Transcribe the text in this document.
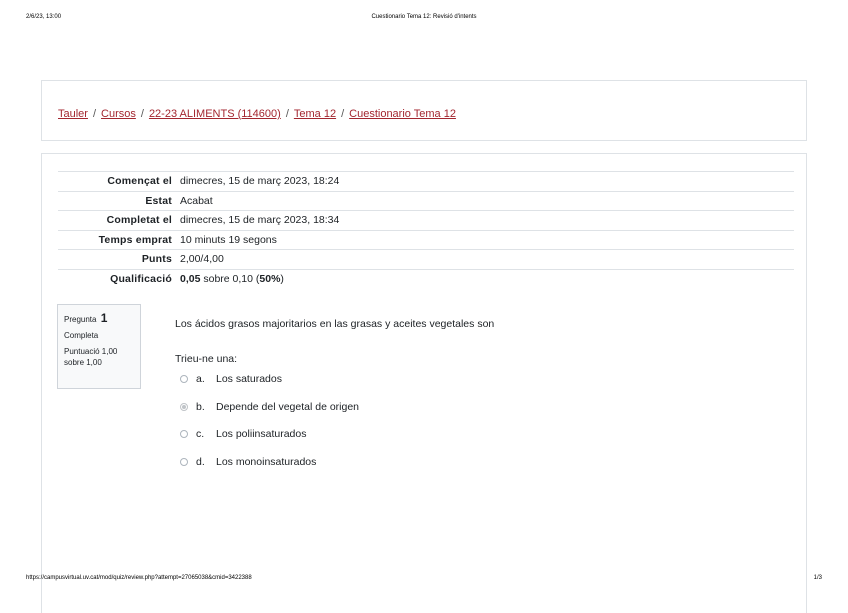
2/6/23, 13:00	Cuestionario Tema 12: Revisió d'intents
Tauler / Cursos / 22-23 ALIMENTS (114600) / Tema 12 / Cuestionario Tema 12
Començat el	dimecres, 15 de març 2023, 18:24
Estat	Acabat
Completat el	dimecres, 15 de març 2023, 18:34
Temps emprat	10 minuts 19 segons
Punts	2,00/4,00
Qualificació	0,05 sobre 0,10 (50%)
Pregunta 1
Completa
Puntuació 1,00 sobre 1,00
Los ácidos grasos majoritarios en las grasas y aceites vegetales son
Trieu-ne una:
a.	Los saturados
b.	Depende del vegetal de origen
c.	Los poliinsaturados
d.	Los monoinsaturados
https://campusvirtual.uv.cat/mod/quiz/review.php?attempt=27065038&cmid=3422388	1/3
